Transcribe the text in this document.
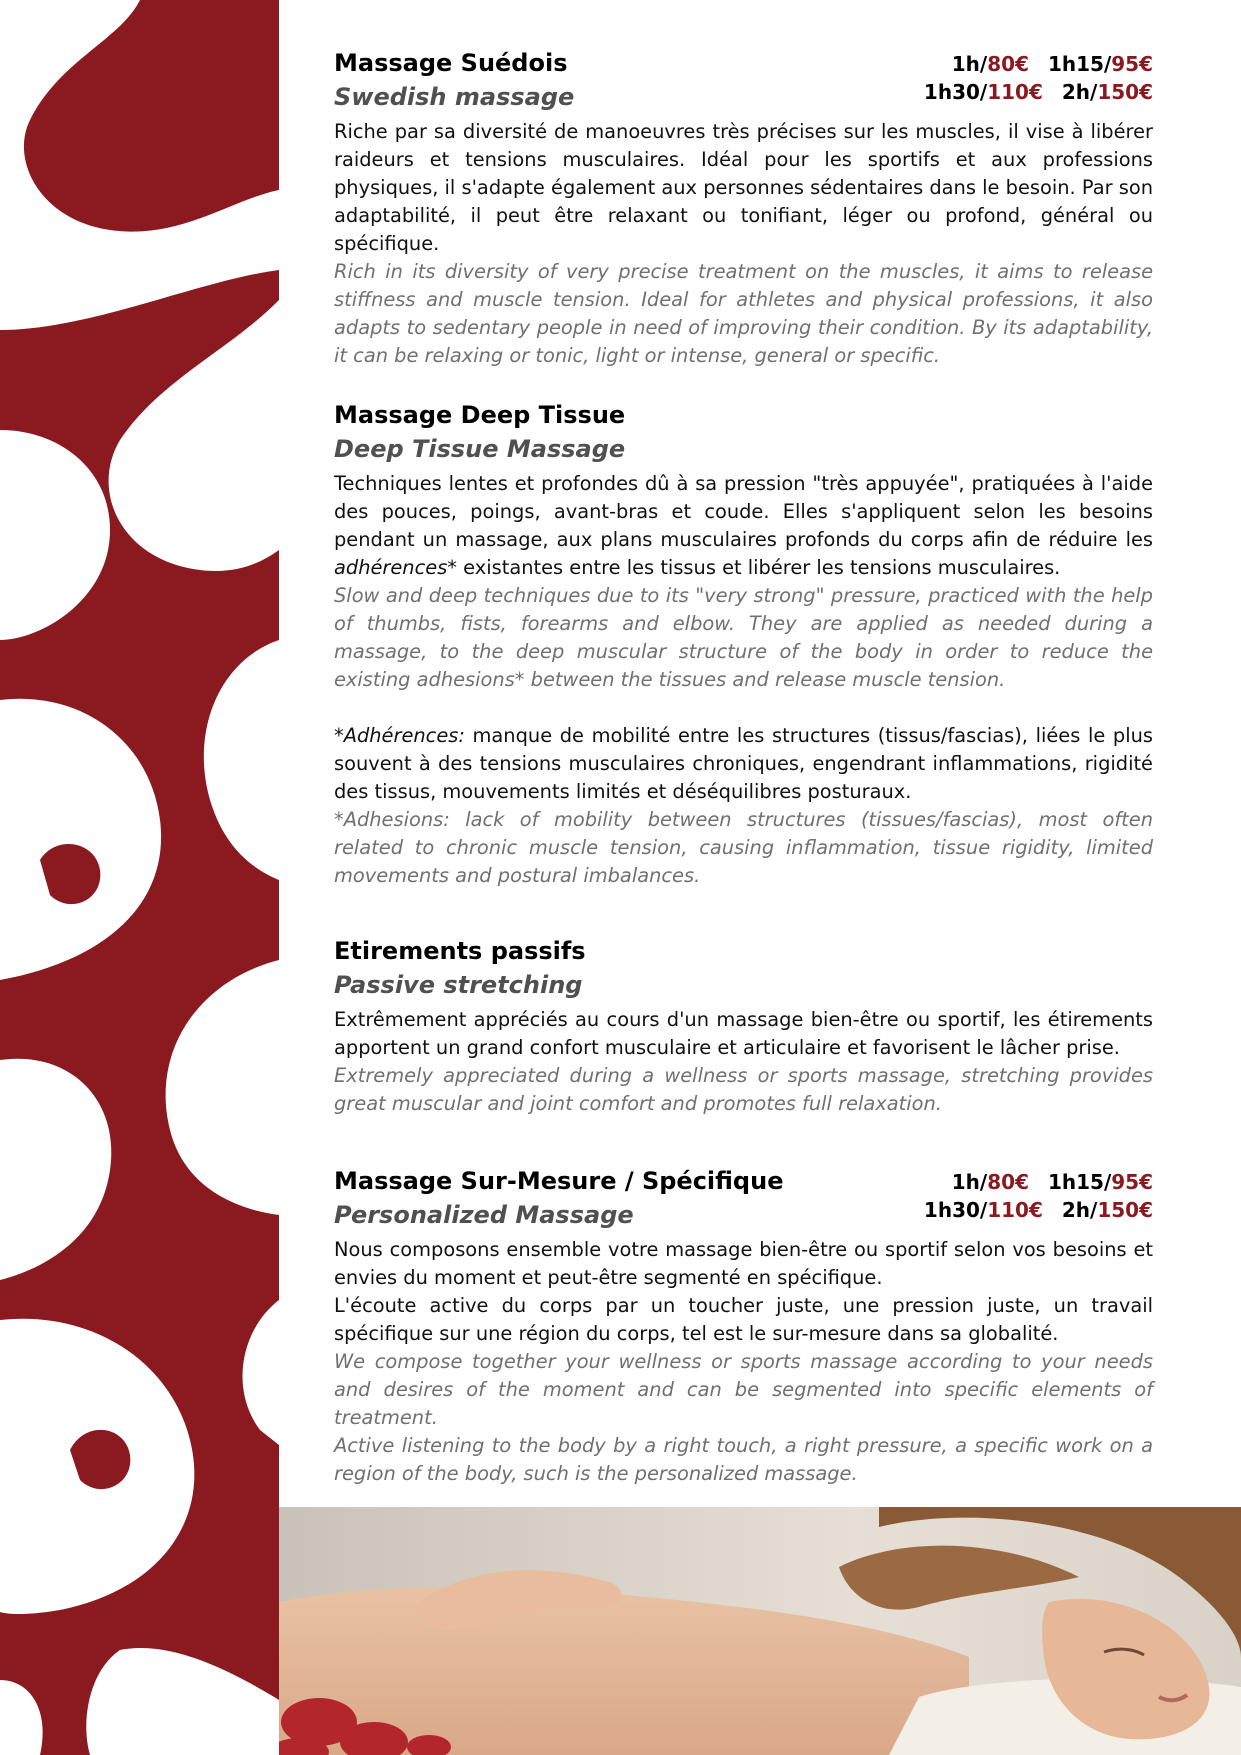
Massage Suédois
Swedish massage
1h/80€ 1h15/95€
1h30/110€ 2h/150€

Riche par sa diversité de manoeuvres très précises sur les muscles, il vise à libérer raideurs et tensions musculaires. Idéal pour les sportifs et aux professions physiques, il s'adapte également aux personnes sédentaires dans le besoin. Par son adaptabilité, il peut être relaxant ou tonifiant, léger ou profond, général ou spécifique.

Rich in its diversity of very precise treatment on the muscles, it aims to release stiffness and muscle tension. Ideal for athletes and physical professions, it also adapts to sedentary people in need of improving their condition. By its adaptability, it can be relaxing or tonic, light or intense, general or specific.

Massage Deep Tissue
Deep Tissue Massage

Techniques lentes et profondes dû à sa pression "très appuyée", pratiquées à l'aide des pouces, poings, avant-bras et coude. Elles s'appliquent selon les besoins pendant un massage, aux plans musculaires profonds du corps afin de réduire les adhérences* existantes entre les tissus et libérer les tensions musculaires.

Slow and deep techniques due to its "very strong" pressure, practiced with the help of thumbs, fists, forearms and elbow. They are applied as needed during a massage, to the deep muscular structure of the body in order to reduce the existing adhesions* between the tissues and release muscle tension.

*Adhérences: manque de mobilité entre les structures (tissus/fascias), liées le plus souvent à des tensions musculaires chroniques, engendrant inflammations, rigidité des tissus, mouvements limités et déséquilibres posturaux.

*Adhesions: lack of mobility between structures (tissues/fascias), most often related to chronic muscle tension, causing inflammation, tissue rigidity, limited movements and postural imbalances.

Etirements passifs
Passive stretching

Extrêmement appréciés au cours d'un massage bien-être ou sportif, les étirements apportent un grand confort musculaire et articulaire et favorisent le lâcher prise.

Extremely appreciated during a wellness or sports massage, stretching provides great muscular and joint comfort and promotes full relaxation.

Massage Sur-Mesure / Spécifique
Personalized Massage
1h/80€ 1h15/95€
1h30/110€ 2h/150€

Nous composons ensemble votre massage bien-être ou sportif selon vos besoins et envies du moment et peut-être segmenté en spécifique.

L'écoute active du corps par un toucher juste, une pression juste, un travail spécifique sur une région du corps, tel est le sur-mesure dans sa globalité.

We compose together your wellness or sports massage according to your needs and desires of the moment and can be segmented into specific elements of treatment.

Active listening to the body by a right touch, a right pressure, a specific work on a region of the body, such is the personalized massage.
